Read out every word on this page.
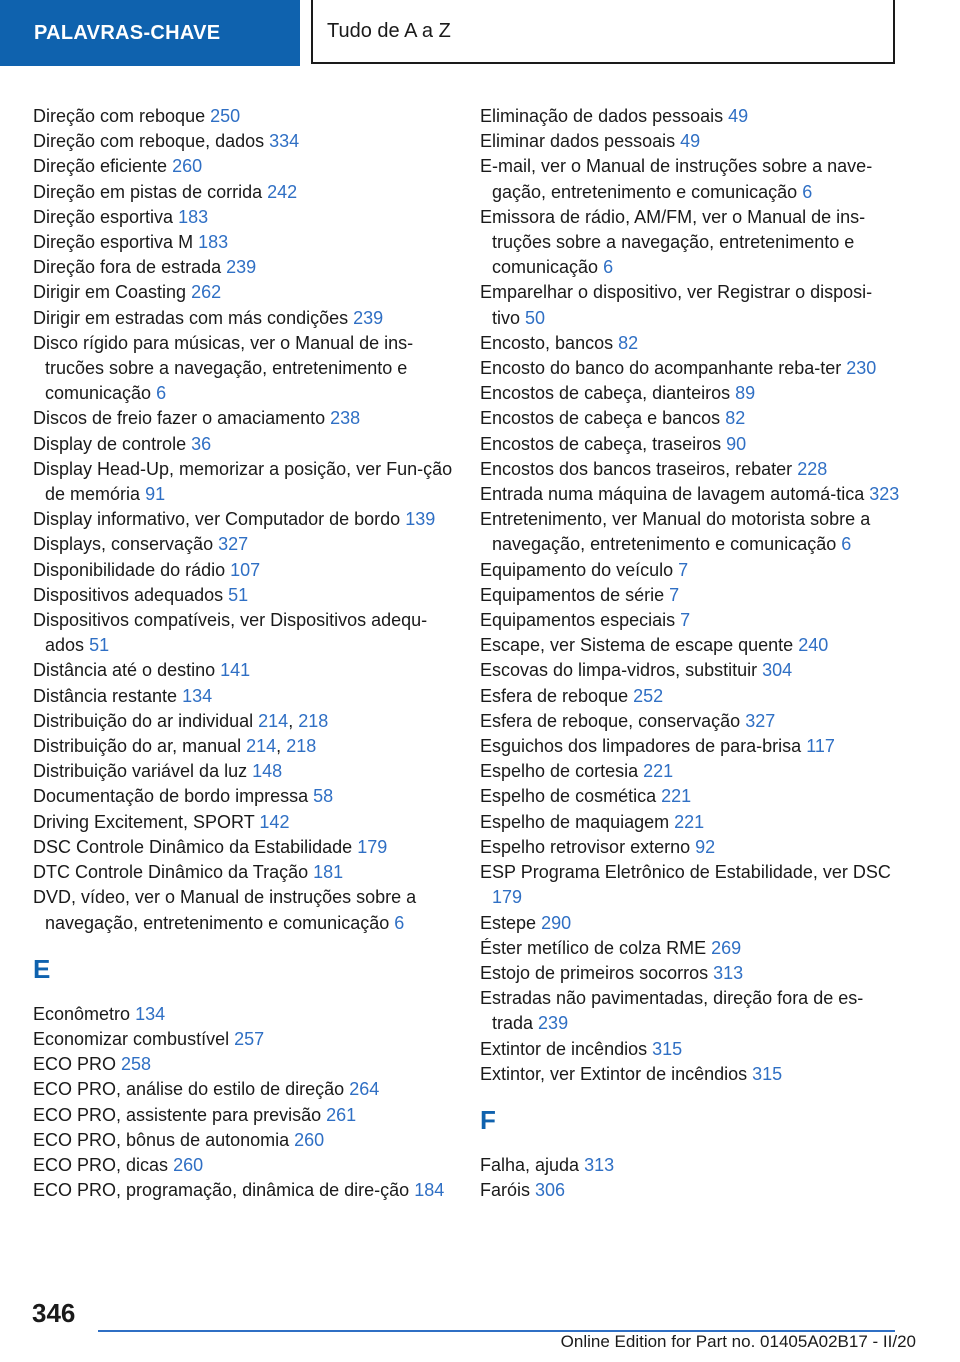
PALAVRAS-CHAVE	Tudo de A a Z

Direção com reboque 250

Direção com reboque, dados 334

Direção eficiente 260

Direção em pistas de corrida 242

Direção esportiva 183

Direção esportiva M 183

Direção fora de estrada 239

Dirigir em Coasting 262

Dirigir em estradas com más condições 239

Disco rígido para músicas, ver o Manual de ins-trucões sobre a navegação, entretenimento e comunicação 6

Discos de freio fazer o amaciamento 238

Display de controle 36

Display Head-Up, memorizar a posição, ver Fun-ção de memória 91

Display informativo, ver Computador de bordo 139

Displays, conservação 327

Disponibilidade do rádio 107

Dispositivos adequados 51

Dispositivos compatíveis, ver Dispositivos adequ-ados 51

Distância até o destino 141

Distância restante 134

Distribuição do ar individual 214, 218

Distribuição do ar, manual 214, 218

Distribuição variável da luz 148

Documentação de bordo impressa 58

Driving Excitement, SPORT 142

DSC Controle Dinâmico da Estabilidade 179

DTC Controle Dinâmico da Tração 181

DVD, vídeo, ver o Manual de instruções sobre a navegação, entretenimento e comunicação 6

E

Econômetro 134

Economizar combustível 257

ECO PRO 258

ECO PRO, análise do estilo de direção 264

ECO PRO, assistente para previsão 261

ECO PRO, bônus de autonomia 260

ECO PRO, dicas 260

ECO PRO, programação, dinâmica de dire-ção 184

Eliminação de dados pessoais 49

Eliminar dados pessoais 49

E-mail, ver o Manual de instruções sobre a nave-gação, entretenimento e comunicação 6

Emissora de rádio, AM/FM, ver o Manual de ins-truções sobre a navegação, entretenimento e comunicação 6

Emparelhar o dispositivo, ver Registrar o disposi-tivo 50

Encosto, bancos 82

Encosto do banco do acompanhante reba-ter 230

Encostos de cabeça, dianteiros 89

Encostos de cabeça e bancos 82

Encostos de cabeça, traseiros 90

Encostos dos bancos traseiros, rebater 228

Entrada numa máquina de lavagem automá-tica 323

Entretenimento, ver Manual do motorista sobre a navegação, entretenimento e comunicação 6

Equipamento do veículo 7

Equipamentos de série 7

Equipamentos especiais 7

Escape, ver Sistema de escape quente 240

Escovas do limpa-vidros, substituir 304

Esfera de reboque 252

Esfera de reboque, conservação 327

Esguichos dos limpadores de para-brisa 117

Espelho de cortesia 221

Espelho de cosmética 221

Espelho de maquiagem 221

Espelho retrovisor externo 92

ESP Programa Eletrônico de Estabilidade, ver DSC 179

Estepe 290

Éster metílico de colza RME 269

Estojo de primeiros socorros 313

Estradas não pavimentadas, direção fora de es-trada 239

Extintor de incêndios 315

Extintor, ver Extintor de incêndios 315

F

Falha, ajuda 313

Faróis 306

346
Online Edition for Part no. 01405A02B17 - II/20
